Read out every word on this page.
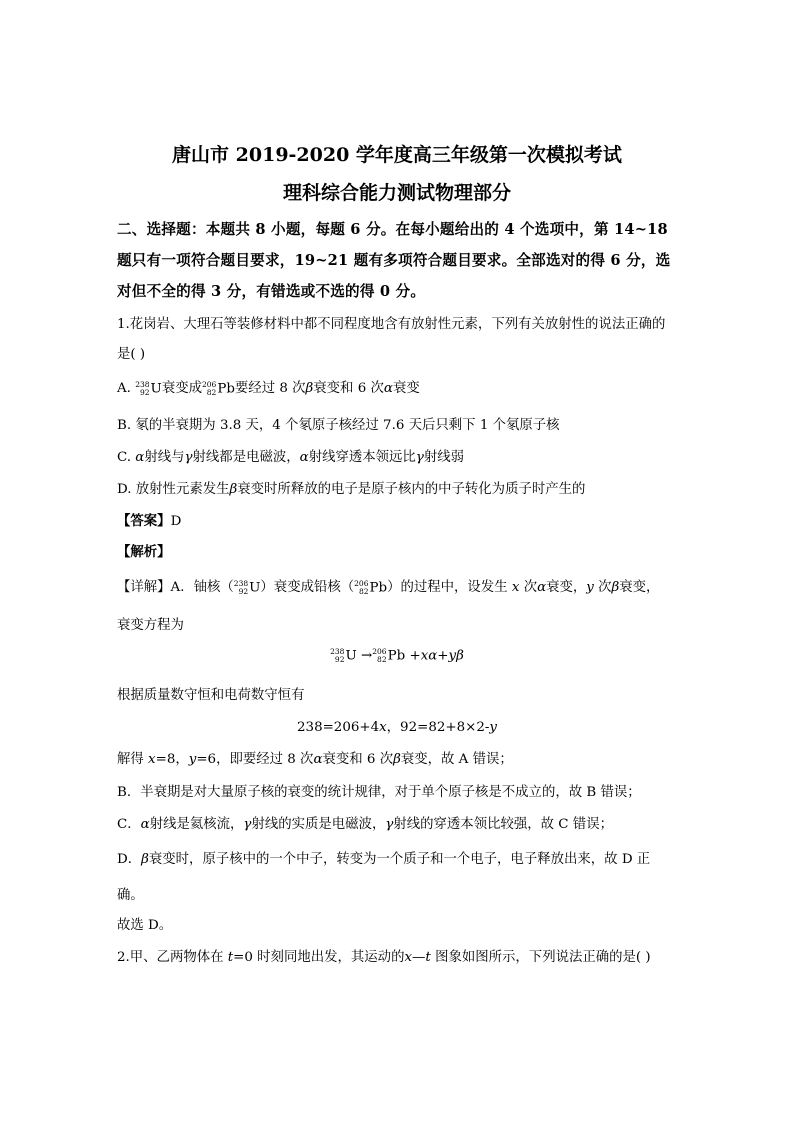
唐山市 2019-2020 学年度高三年级第一次模拟考试
理科综合能力测试物理部分
二、选择题：本题共 8 小题，每题 6 分。在每小题给出的 4 个选项中，第 14~18
题只有一项符合题目要求，19~21 题有多项符合题目要求。全部选对的得 6 分，选
对但不全的得 3 分，有错选或不选的得 0 分。
1.花岗岩、大理石等装修材料中都不同程度地含有放射性元素，下列有关放射性的说法正确的
是( )
A. 238
92 U衰变成 206
82 Pb要经过 8 次β衰变和 6 次α衰变
B. 氡的半衰期为 3.8 天，4 个氡原子核经过 7.6 天后只剩下 1 个氡原子核
C. α射线与γ射线都是电磁波，α射线穿透本领远比γ射线弱
D. 放射性元素发生β衰变时所释放的电子是原子核内的中子转化为质子时产生的
【答案】D
【解析】
【详解】A．铀核（ 238
92 U）衰变成铅核（ 206
82 Pb）的过程中，设发生 x 次α衰变，y 次β衰变，
衰变方程为
238
92 U → 206
82 Pb +xα+yβ
根据质量数守恒和电荷数守恒有
238=206+4x，92=82+8×2-y
解得 x=8，y=6，即要经过 8 次α衰变和 6 次β衰变，故 A 错误；
B．半衰期是对大量原子核的衰变的统计规律，对于单个原子核是不成立的，故 B 错误；
C．α射线是氦核流，γ射线的实质是电磁波，γ射线的穿透本领比较强，故 C 错误；
D．β衰变时，原子核中的一个中子，转变为一个质子和一个电子，电子释放出来，故 D 正
确。
故选 D。
2.甲、乙两物体在 t=0 时刻同地出发，其运动的x—t 图象如图所示，下列说法正确的是( )
